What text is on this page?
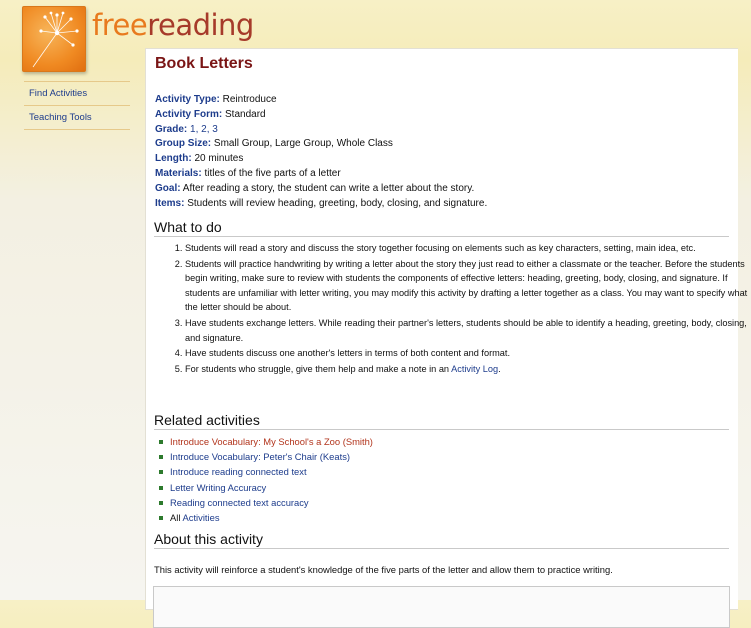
freereading
Find Activities
Teaching Tools
Book Letters
Activity Type: Reintroduce
Activity Form: Standard
Grade: 1, 2, 3
Group Size: Small Group, Large Group, Whole Class
Length: 20 minutes
Materials: titles of the five parts of a letter
Goal: After reading a story, the student can write a letter about the story.
Items: Students will review heading, greeting, body, closing, and signature.
What to do
1. Students will read a story and discuss the story together focusing on elements such as key characters, setting, main idea, etc.
2. Students will practice handwriting by writing a letter about the story they just read to either a classmate or the teacher. Before the students begin writing, make sure to review with students the components of effective letters: heading, greeting, body, closing, and signature. If students are unfamiliar with letter writing, you may modify this activity by drafting a letter together as a class. You may want to specify what the letter should be about.
3. Have students exchange letters. While reading their partner's letters, students should be able to identify a heading, greeting, body, closing, and signature.
4. Have students discuss one another's letters in terms of both content and format.
5. For students who struggle, give them help and make a note in an Activity Log.
Related activities
Introduce Vocabulary: My School's a Zoo (Smith)
Introduce Vocabulary: Peter's Chair (Keats)
Introduce reading connected text
Letter Writing Accuracy
Reading connected text accuracy
All Activities
About this activity
This activity will reinforce a student's knowledge of the five parts of the letter and allow them to practice writing.
